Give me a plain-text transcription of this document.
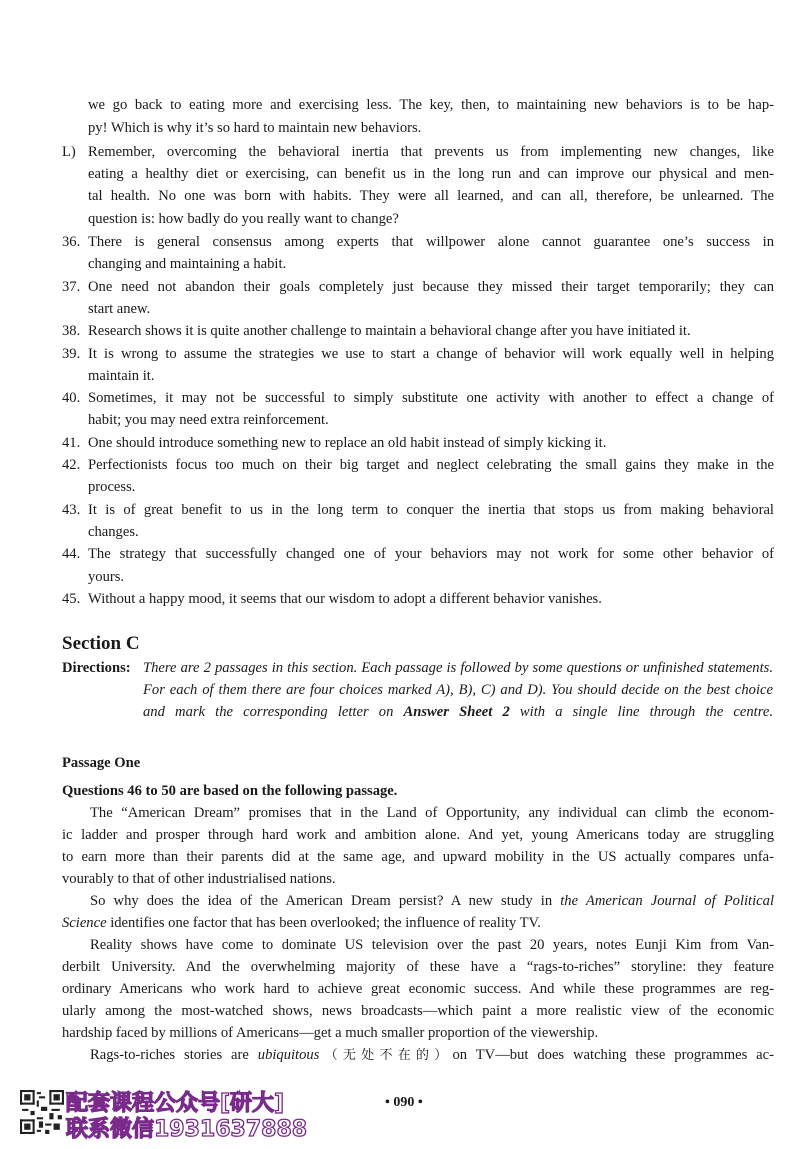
we go back to eating more and exercising less. The key, then, to maintaining new behaviors is to be hap-
py! Which is why it’s so hard to maintain new behaviors.
L) Remember, overcoming the behavioral inertia that prevents us from implementing new changes, like
eating a healthy diet or exercising, can benefit us in the long run and can improve our physical and men-
tal health. No one was born with habits. They were all learned, and can all, therefore, be unlearned. The
question is: how badly do you really want to change?
36. There is general consensus among experts that willpower alone cannot guarantee one’s success in
changing and maintaining a habit.
37. One need not abandon their goals completely just because they missed their target temporarily; they can
start anew.
38. Research shows it is quite another challenge to maintain a behavioral change after you have initiated it.
39. It is wrong to assume the strategies we use to start a change of behavior will work equally well in helping
maintain it.
40. Sometimes, it may not be successful to simply substitute one activity with another to effect a change of
habit; you may need extra reinforcement.
41. One should introduce something new to replace an old habit instead of simply kicking it.
42. Perfectionists focus too much on their big target and neglect celebrating the small gains they make in the
process.
43. It is of great benefit to us in the long term to conquer the inertia that stops us from making behavioral
changes.
44. The strategy that successfully changed one of your behaviors may not work for some other behavior of
yours.
45. Without a happy mood, it seems that our wisdom to adopt a different behavior vanishes.
Section C
Directions: There are 2 passages in this section. Each passage is followed by some questions or unfinished statements. For each of them there are four choices marked A), B), C) and D). You should decide on the best choice and mark the corresponding letter on Answer Sheet 2 with a single line through the centre.
Passage One
Questions 46 to 50 are based on the following passage.
The “American Dream” promises that in the Land of Opportunity, any individual can climb the econom-
ic ladder and prosper through hard work and ambition alone. And yet, young Americans today are struggling
to earn more than their parents did at the same age, and upward mobility in the US actually compares unfa-
vourably to that of other industrialised nations.
So why does the idea of the American Dream persist? A new study in the American Journal of Political
Science identifies one factor that has been overlooked; the influence of reality TV.
Reality shows have come to dominate US television over the past 20 years, notes Eunji Kim from Van-
derbilt University. And the overwhelming majority of these have a “rags-to-riches” storyline: they feature
ordinary Americans who work hard to achieve great economic success. And while these programmes are reg-
ularly among the most-watched shows, news broadcasts—which paint a more realistic view of the economic
hardship faced by millions of Americans—get a much smaller proportion of the viewership.
Rags-to-riches stories are ubiquitous（无处不在的）on TV—but does watching these programmes ac-
• 090 •
配套课程公众号[研大]
联系微信1931637888
